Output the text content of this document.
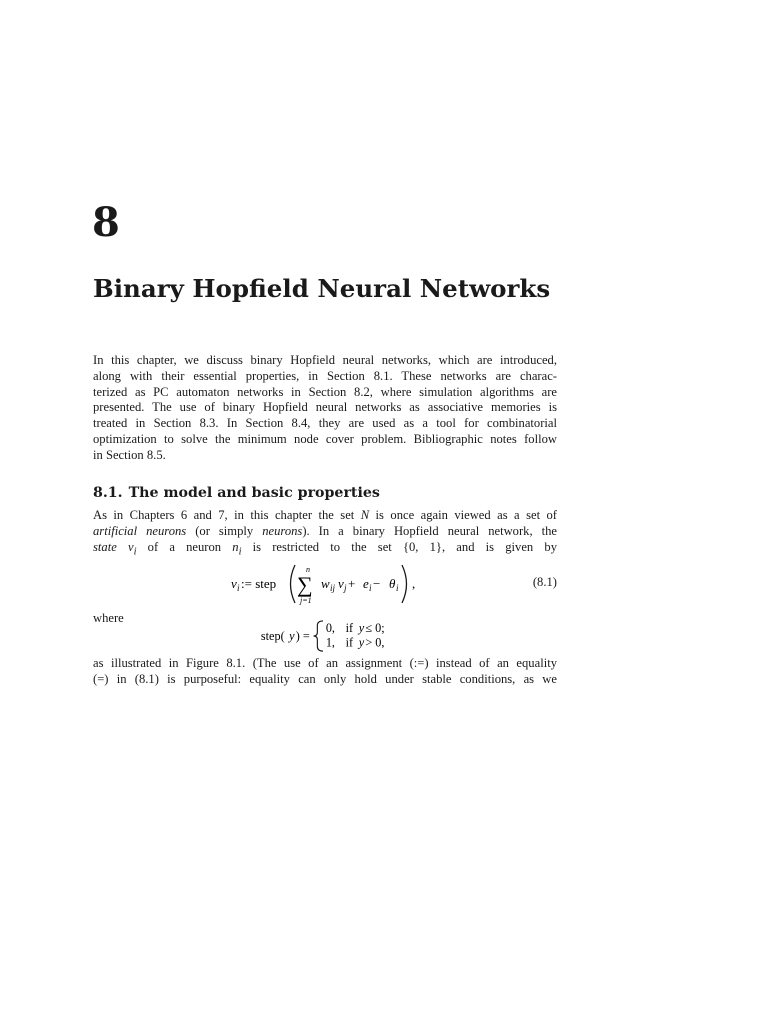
8
Binary Hopfield Neural Networks
In this chapter, we discuss binary Hopfield neural networks, which are introduced,
along with their essential properties, in Section 8.1. These networks are charac-
terized as PC automaton networks in Section 8.2, where simulation algorithms are
presented. The use of binary Hopfield neural networks as associative memories is
treated in Section 8.3. In Section 8.4, they are used as a tool for combinatorial
optimization to solve the minimum node cover problem. Bibliographic notes follow
in Section 8.5.
8.1. The model and basic properties
As in Chapters 6 and 7, in this chapter the set N is once again viewed as a set of
artificial neurons (or simply neurons). In a binary Hopfield neural network, the
state $v_i$ of a neuron $n_i$ is restricted to the set {0, 1}, and is given by
v i := step
n
∑
j=1
w ij v j + e i − θ i ,	(8.1)
where
step( y ) =
0, if y ≤ 0;
1, if y > 0,
as illustrated in Figure 8.1. (The use of an assignment (:=) instead of an equality
(=) in (8.1) is purposeful: equality can only hold under stable conditions, as we
